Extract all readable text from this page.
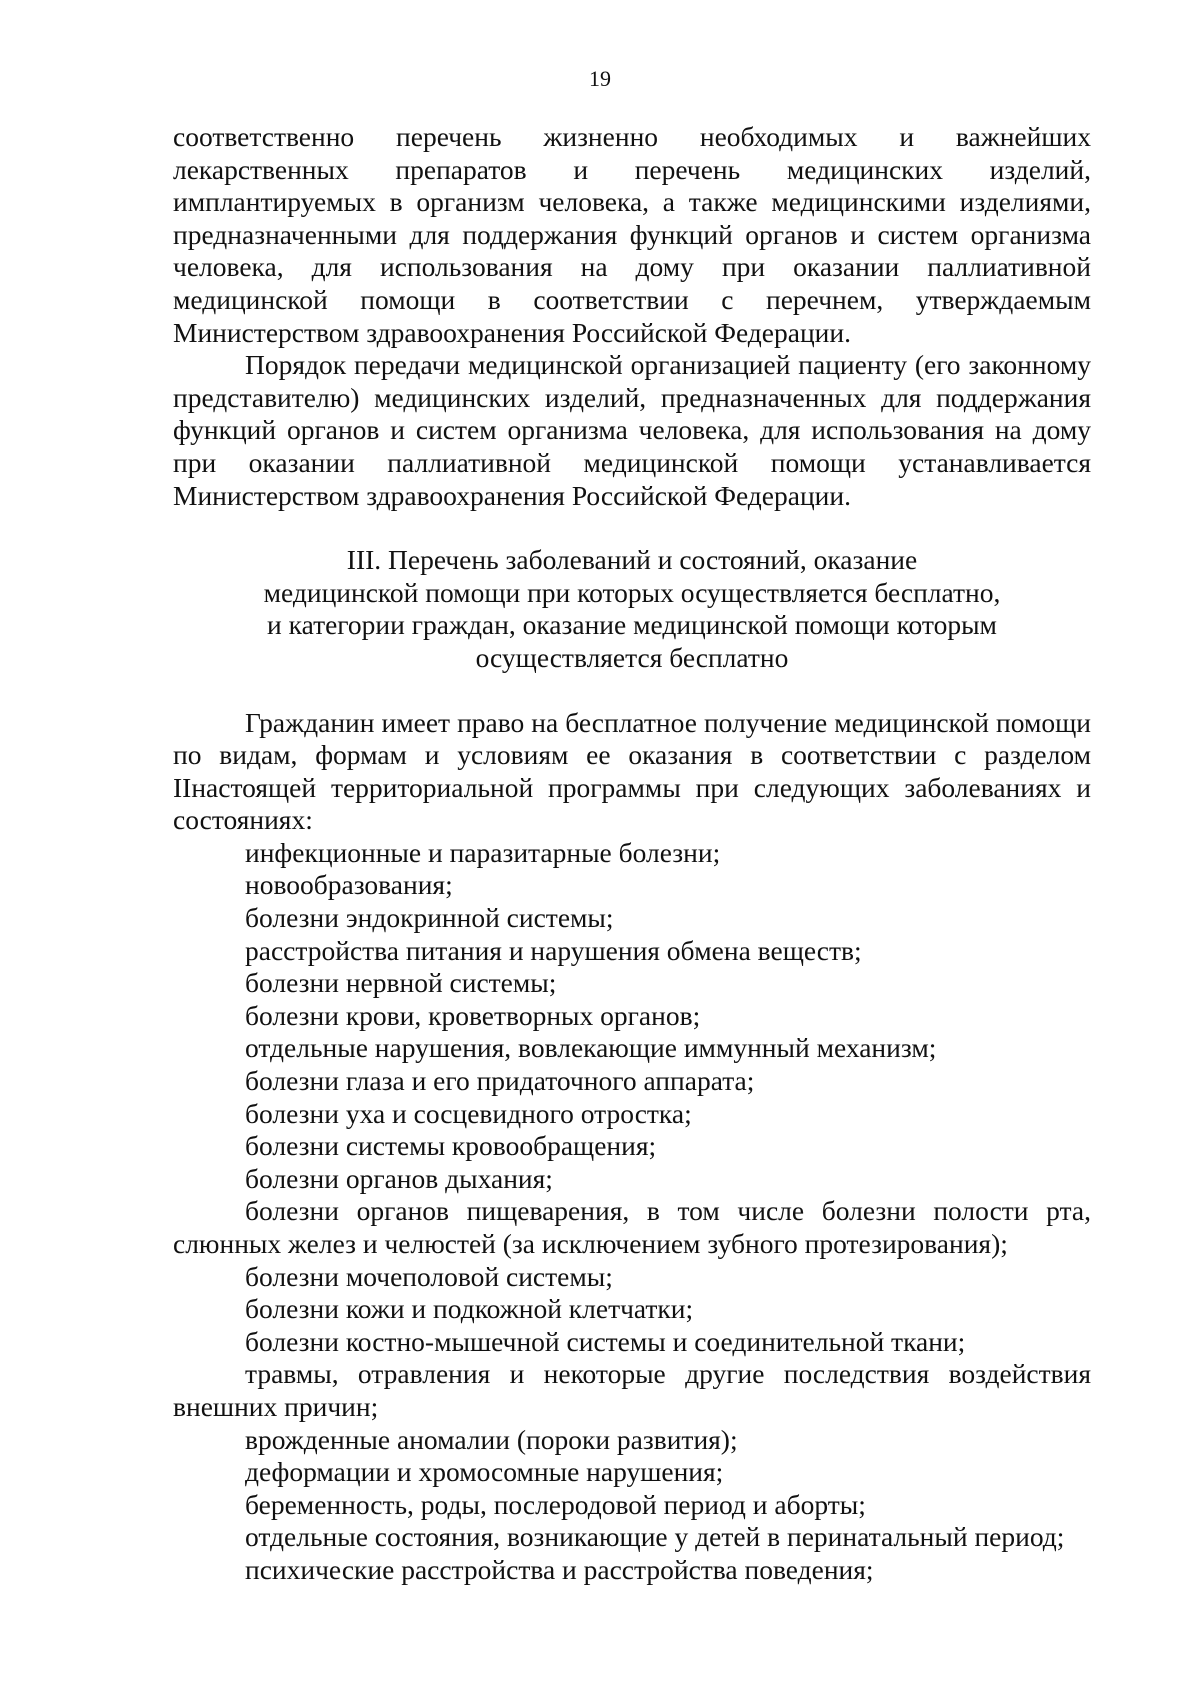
19

соответственно перечень жизненно необходимых и важнейших лекарственных препаратов и перечень медицинских изделий, имплантируемых в организм человека, а также медицинскими изделиями, предназначенными для поддержания функций органов и систем организма человека, для использования на дому при оказании паллиативной медицинской помощи в соответствии с перечнем, утверждаемым Министерством здравоохранения Российской Федерации.

Порядок передачи медицинской организацией пациенту (его законному представителю) медицинских изделий, предназначенных для поддержания функций органов и систем организма человека, для использования на дому при оказании паллиативной медицинской помощи устанавливается Министерством здравоохранения Российской Федерации.

III. Перечень заболеваний и состояний, оказание
медицинской помощи при которых осуществляется бесплатно,
и категории граждан, оказание медицинской помощи которым
осуществляется бесплатно

Гражданин имеет право на бесплатное получение медицинской помощи по видам, формам и условиям ее оказания в соответствии с разделом IIнастоящей территориальной программы при следующих заболеваниях и состояниях:

инфекционные и паразитарные болезни;
новообразования;
болезни эндокринной системы;
расстройства питания и нарушения обмена веществ;
болезни нервной системы;
болезни крови, кроветворных органов;
отдельные нарушения, вовлекающие иммунный механизм;
болезни глаза и его придаточного аппарата;
болезни уха и сосцевидного отростка;
болезни системы кровообращения;
болезни органов дыхания;
болезни органов пищеварения, в том числе болезни полости рта, слюнных желез и челюстей (за исключением зубного протезирования);
болезни мочеполовой системы;
болезни кожи и подкожной клетчатки;
болезни костно-мышечной системы и соединительной ткани;
травмы, отравления и некоторые другие последствия воздействия внешних причин;
врожденные аномалии (пороки развития);
деформации и хромосомные нарушения;
беременность, роды, послеродовой период и аборты;
отдельные состояния, возникающие у детей в перинатальный период;
психические расстройства и расстройства поведения;
